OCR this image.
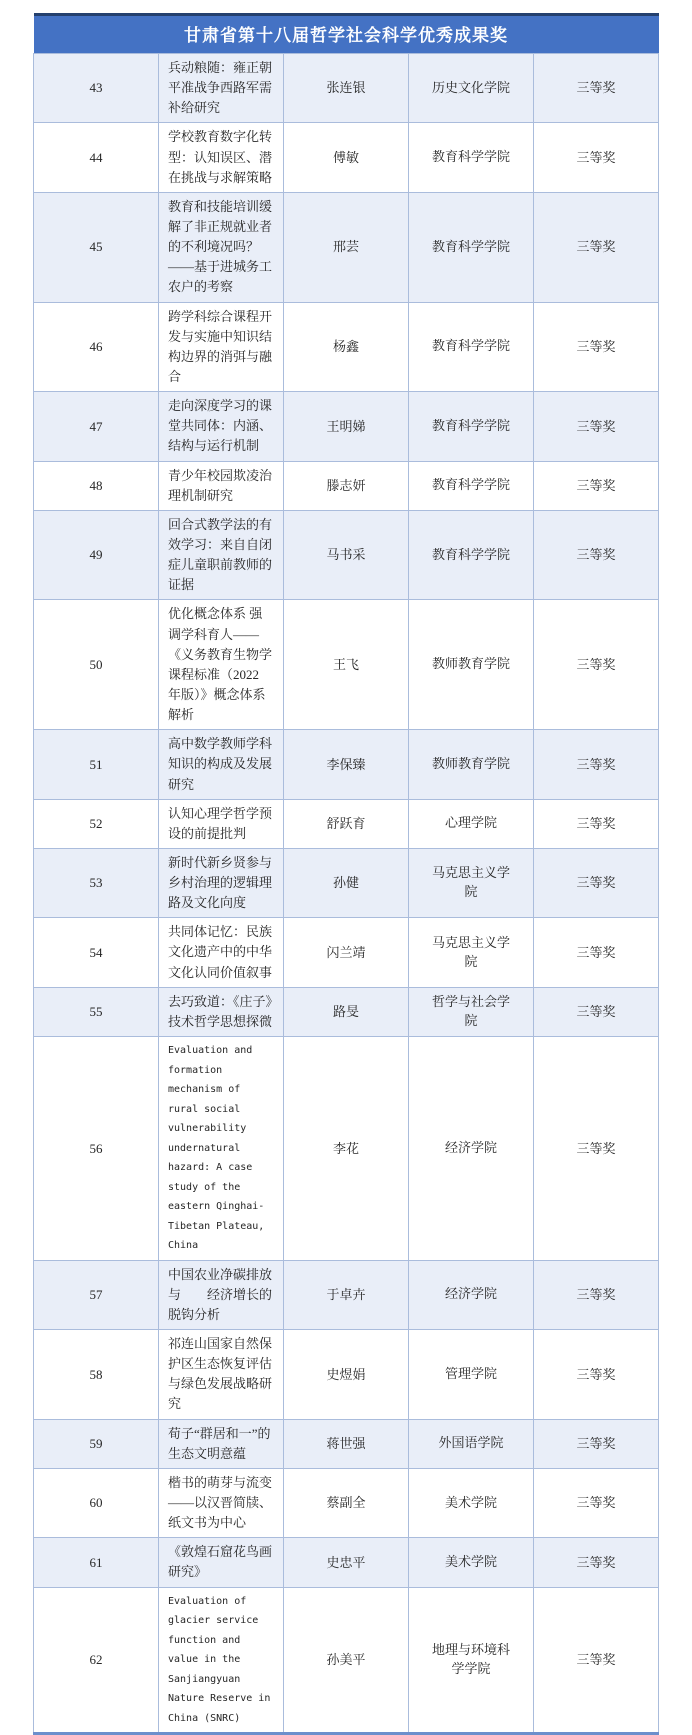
甘肃省第十八届哲学社会科学优秀成果奖				
43	兵动粮随：雍正朝平准战争西路军需补给研究	张连银	历史文化学院	三等奖
44	学校教育数字化转型：认知误区、潜在挑战与求解策略	傅敏	教育科学学院	三等奖
45	教育和技能培训缓解了非正规就业者的不利境况吗？——基于进城务工农户的考察	邢芸	教育科学学院	三等奖
46	跨学科综合课程开发与实施中知识结构边界的消弭与融合	杨鑫	教育科学学院	三等奖
47	走向深度学习的课堂共同体：内涵、结构与运行机制	王明娣	教育科学学院	三等奖
48	青少年校园欺凌治理机制研究	滕志妍	教育科学学院	三等奖
49	回合式教学法的有效学习：来自自闭症儿童职前教师的证据	马书采	教育科学学院	三等奖
50	优化概念体系 强调学科育人——《义务教育生物学课程标准（2022 年版）》概念体系解析	王飞	教师教育学院	三等奖
51	高中数学教师学科知识的构成及发展研究	李保臻	教师教育学院	三等奖
52	认知心理学哲学预设的前提批判	舒跃育	心理学院	三等奖
53	新时代新乡贤参与乡村治理的逻辑理路及文化向度	孙健	马克思主义学院	三等奖
54	共同体记忆：民族文化遗产中的中华文化认同价值叙事	闪兰靖	马克思主义学院	三等奖
55	去巧致道：《庄子》技术哲学思想探微	路旻	哲学与社会学院	三等奖
56	Evaluation and formation mechanism of rural social vulnerability undernatural hazard: A case study of the eastern Qinghai-Tibetan Plateau, China	李花	经济学院	三等奖
57	中国农业净碳排放与　　经济增长的脱钩分析	于卓卉	经济学院	三等奖
58	祁连山国家自然保护区生态恢复评估与绿色发展战略研究	史煜娟	管理学院	三等奖
59	荀子“群居和一”的生态文明意蕴	蒋世强	外国语学院	三等奖
60	楷书的萌芽与流变——以汉晋简牍、纸文书为中心	蔡副全	美术学院	三等奖
61	《敦煌石窟花鸟画研究》	史忠平	美术学院	三等奖
62	Evaluation of glacier service function and value in the Sanjiangyuan Nature Reserve in China (SNRC)	孙美平	地理与环境科学学院	三等奖
